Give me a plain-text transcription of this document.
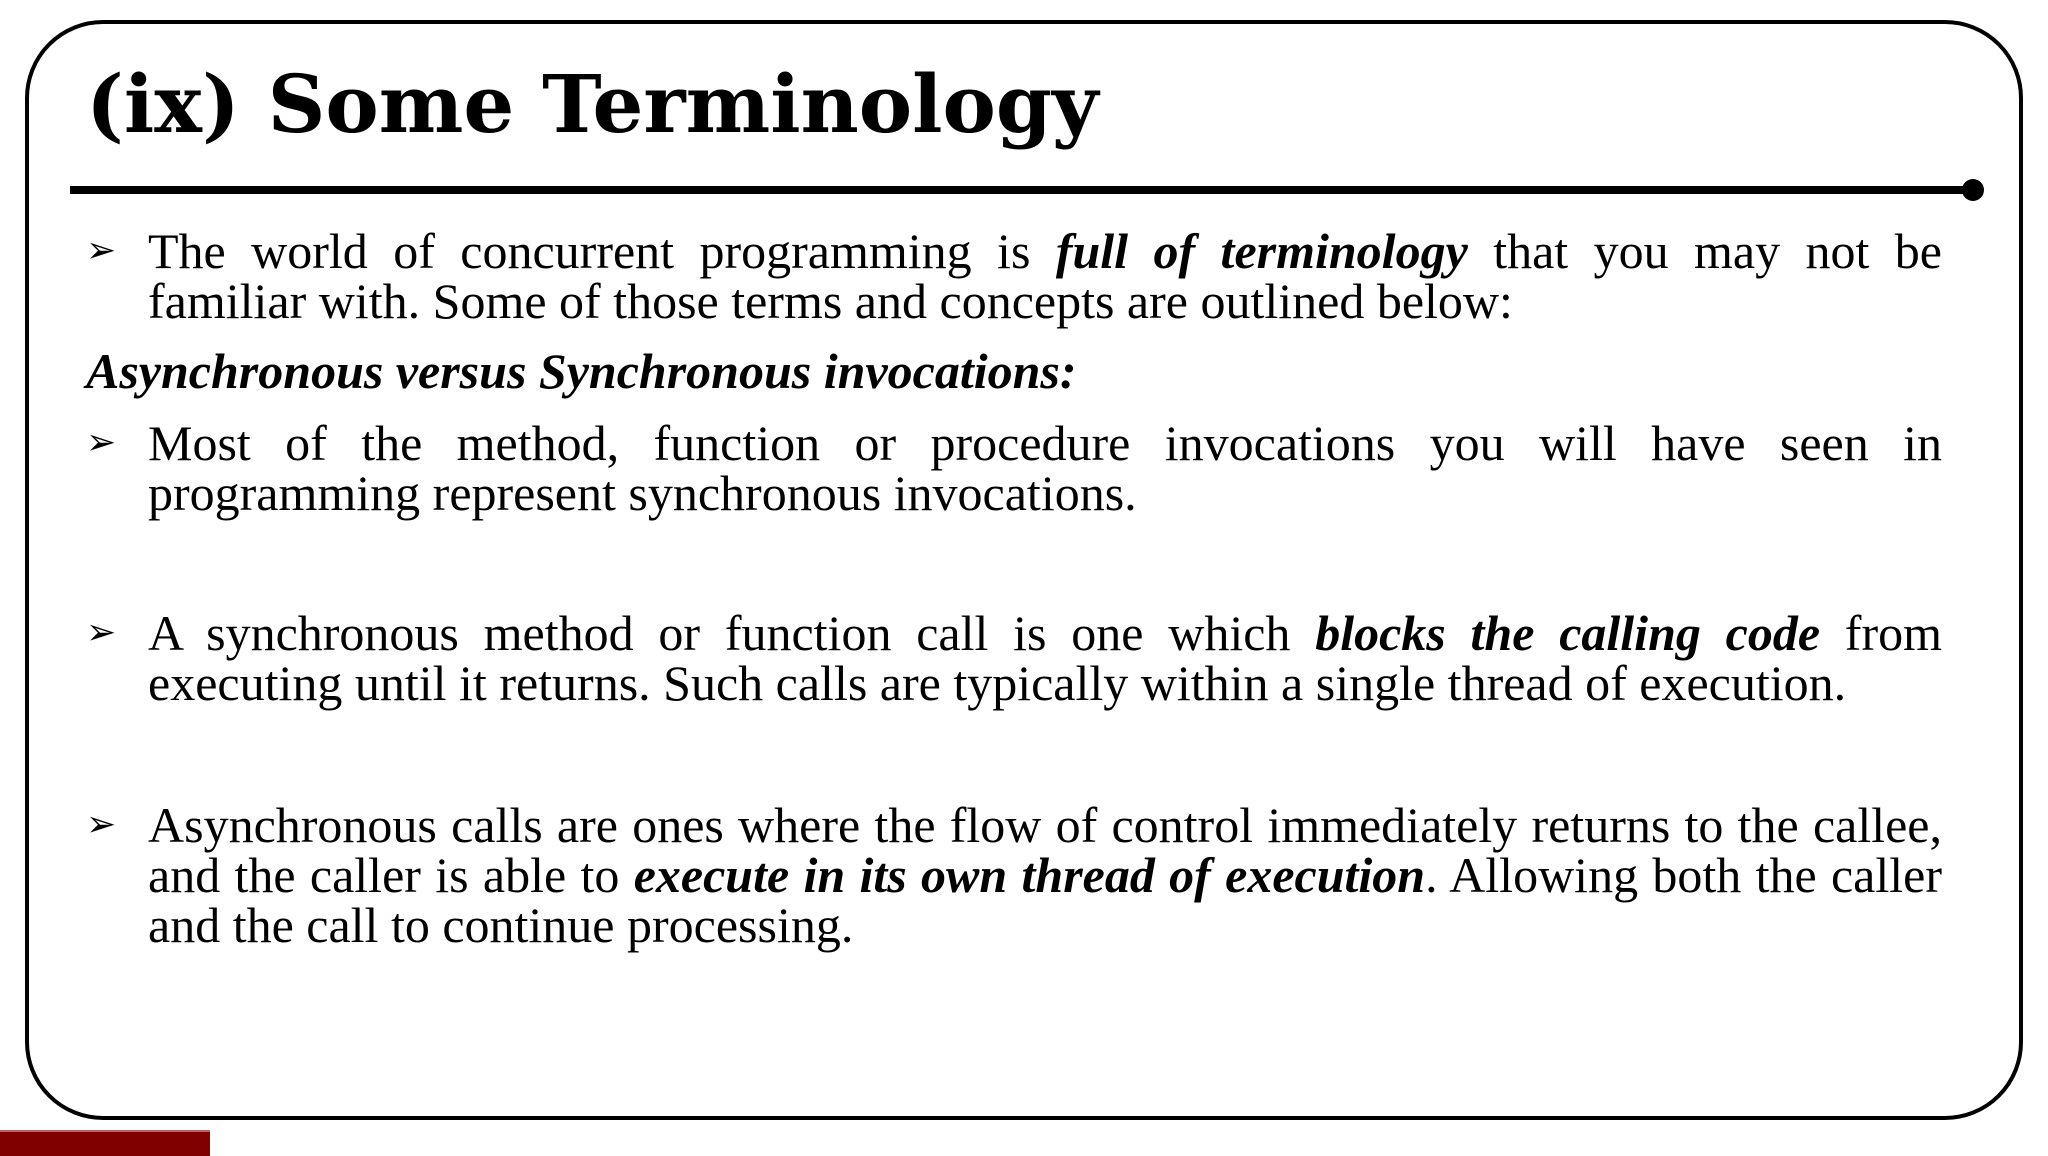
(ix) Some Terminology
➢ The world of concurrent programming is full of terminology that you may not be familiar with. Some of those terms and concepts are outlined below:
Asynchronous versus Synchronous invocations:
➢ Most of the method, function or procedure invocations you will have seen in programming represent synchronous invocations.
➢ A synchronous method or function call is one which blocks the calling code from executing until it returns. Such calls are typically within a single thread of execution.
➢ Asynchronous calls are ones where the flow of control immediately returns to the callee, and the caller is able to execute in its own thread of execution. Allowing both the caller and the call to continue processing.
